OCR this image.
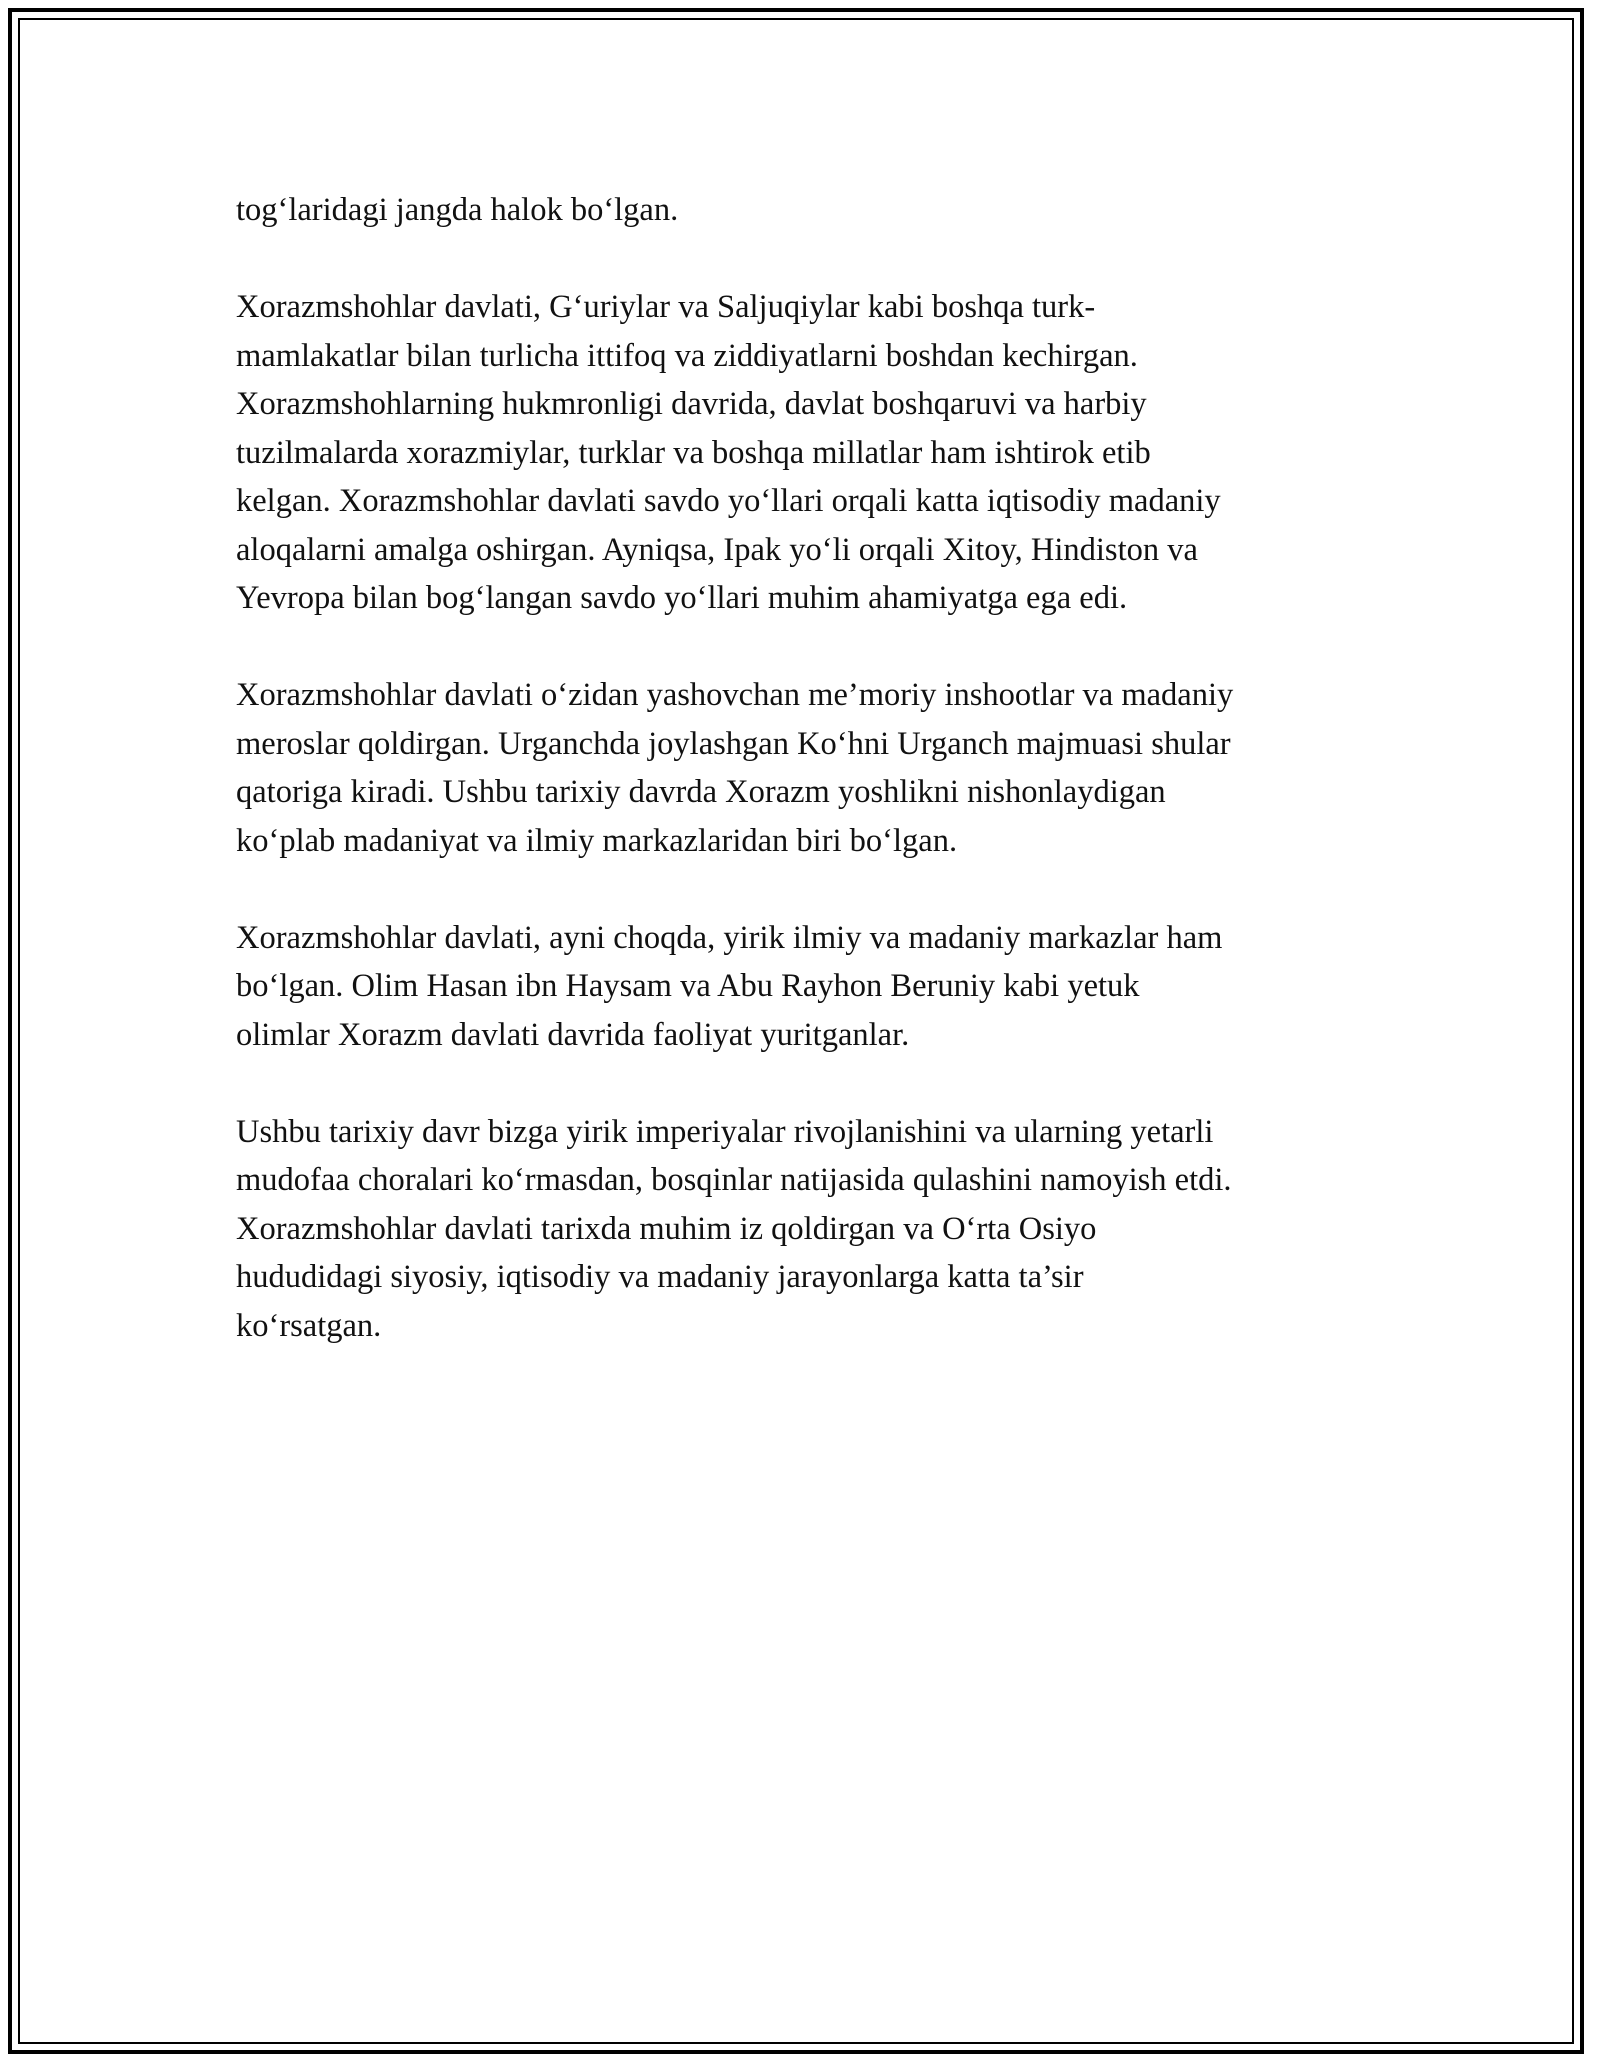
tog‘laridagi jangda halok bo‘lgan.
Xorazmshohlar davlati, G‘uriylar va Saljuqiylar kabi boshqa turk-
mamlakatlar bilan turlicha ittifoq va ziddiyatlarni boshdan kechirgan.
Xorazmshohlarning hukmronligi davrida, davlat boshqaruvi va harbiy
tuzilmalarda xorazmiylar, turklar va boshqa millatlar ham ishtirok etib
kelgan. Xorazmshohlar davlati savdo yo‘llari orqali katta iqtisodiy madaniy
aloqalarni amalga oshirgan. Ayniqsa, Ipak yo‘li orqali Xitoy, Hindiston va
Yevropa bilan bog‘langan savdo yo‘llari muhim ahamiyatga ega edi.
Xorazmshohlar davlati o‘zidan yashovchan me’moriy inshootlar va madaniy
meroslar qoldirgan. Urganchda joylashgan Ko‘hni Urganch majmuasi shular
qatoriga kiradi. Ushbu tarixiy davrda Xorazm yoshlikni nishonlaydigan
ko‘plab madaniyat va ilmiy markazlaridan biri bo‘lgan.
Xorazmshohlar davlati, ayni choqda, yirik ilmiy va madaniy markazlar ham
bo‘lgan. Olim Hasan ibn Haysam va Abu Rayhon Beruniy kabi yetuk
olimlar Xorazm davlati davrida faoliyat yuritganlar.
Ushbu tarixiy davr bizga yirik imperiyalar rivojlanishini va ularning yetarli
mudofaa choralari ko‘rmasdan, bosqinlar natijasida qulashini namoyish etdi.
Xorazmshohlar davlati tarixda muhim iz qoldirgan va O‘rta Osiyo
hududidagi siyosiy, iqtisodiy va madaniy jarayonlarga katta ta’sir
ko‘rsatgan.
